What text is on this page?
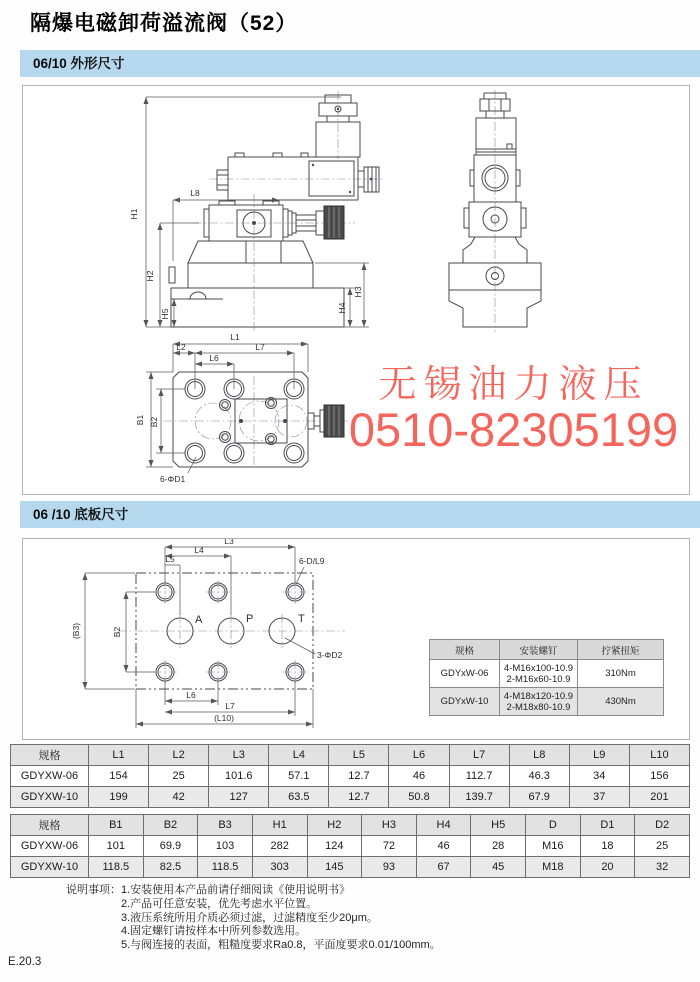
隔爆电磁卸荷溢流阀（52）
06/10 外形尺寸
H1
H2
H5
L8
H3
H4
L1
L2	L7
L6
B1 B2
6-ΦD1
无锡油力液压
0510-82305199
06 /10 底板尺寸
A	P	T
L3
L4
L5	6-D/L9
(B3)	B2
3-ΦD2
L6
L7
(L10)
规格	安装螺钉	拧紧扭矩
GDYxW-06	4-M16x100-10.9
2-M16x60-10.9	310Nm
GDYxW-10	4-M18x120-10.9
2-M18x80-10.9	430Nm
规格	L1	L2	L3	L4	L5	L6	L7	L8	L9	L10
GDYXW-06	154	25	101.6	57.1	12.7	46	112.7	46.3	34	156
GDYXW-10	199	42	127	63.5	12.7	50.8	139.7	67.9	37	201
规格	B1	B2	B3	H1	H2	H3	H4	H5	D	D1	D2
GDYXW-06	101	69.9	103	282	124	72	46	28	M16	18	25
GDYXW-10	118.5	82.5	118.5	303	145	93	67	45	M18	20	32
说明事项： 1.安装使用本产品前请仔细阅读《使用说明书》
2.产品可任意安装，优先考虑水平位置。
3.液压系统所用介质必须过滤，过滤精度至少20μm。
4.固定螺钉请按样本中所列参数选用。
5.与阀连接的表面，粗糙度要求Ra0.8，平面度要求0.01/100mm。
E.20.3
